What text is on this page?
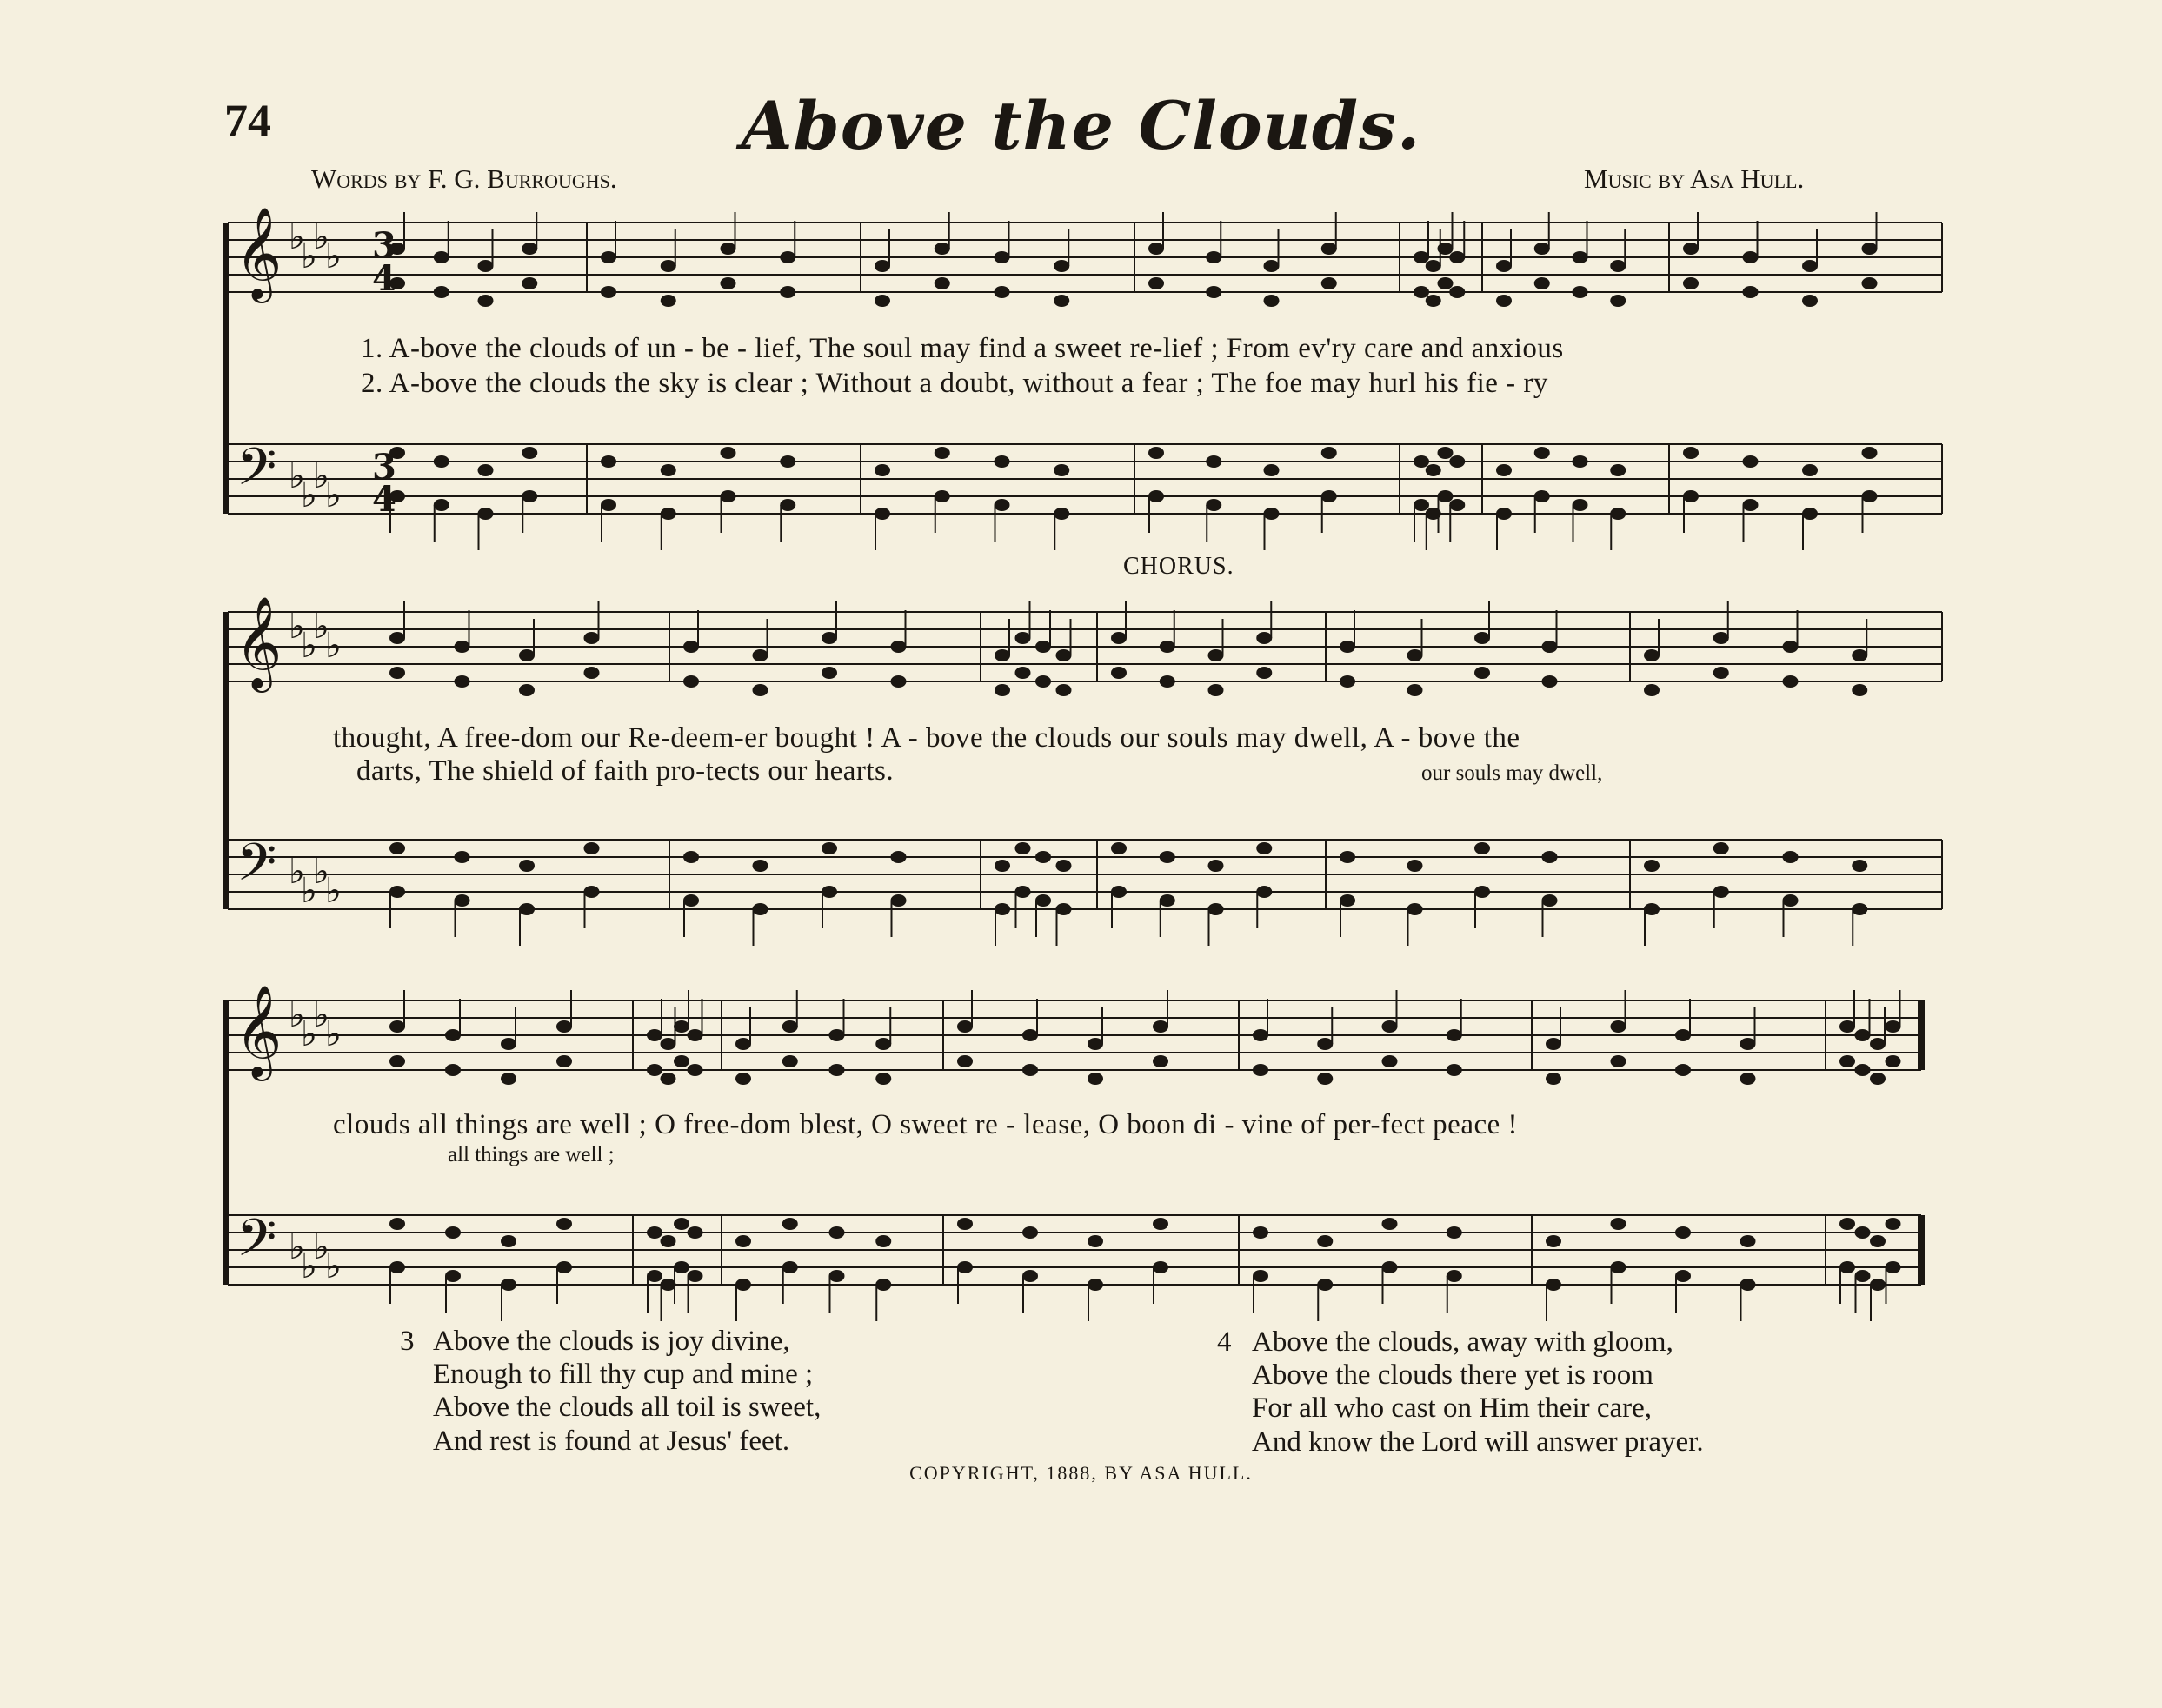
𝄞
𝄢
♭
♭
♭
♭
♭
♭
♭
♭
𝄞
𝄢
♭
♭
♭
♭
♭
♭
♭
♭
𝄞
𝄢
♭
♭
♭
♭
♭
♭
♭
♭
3
4
3
4
74	Above the Clouds.
Words by F. G. Burroughs.	Music by Asa Hull.
1. A-bove the clouds of un - be - lief, The soul may find a sweet re-lief ; From ev'ry care and anxious
2. A-bove the clouds the sky is clear ; Without a doubt, without a fear ; The foe may hurl his fie - ry
CHORUS.
thought, A free-dom our Re-deem-er bought ! A - bove the clouds our souls may dwell, A - bove the
darts, The shield of faith pro-tects our hearts.	our souls may dwell,
clouds all things are well ; O free-dom blest, O sweet re - lease, O boon di - vine of per-fect peace !
all things are well ;
3 Above the clouds is joy divine,
Enough to fill thy cup and mine ;
Above the clouds all toil is sweet,
And rest is found at Jesus' feet.
4 Above the clouds, away with gloom,
Above the clouds there yet is room
For all who cast on Him their care,
And know the Lord will answer prayer.
COPYRIGHT, 1888, BY ASA HULL.
